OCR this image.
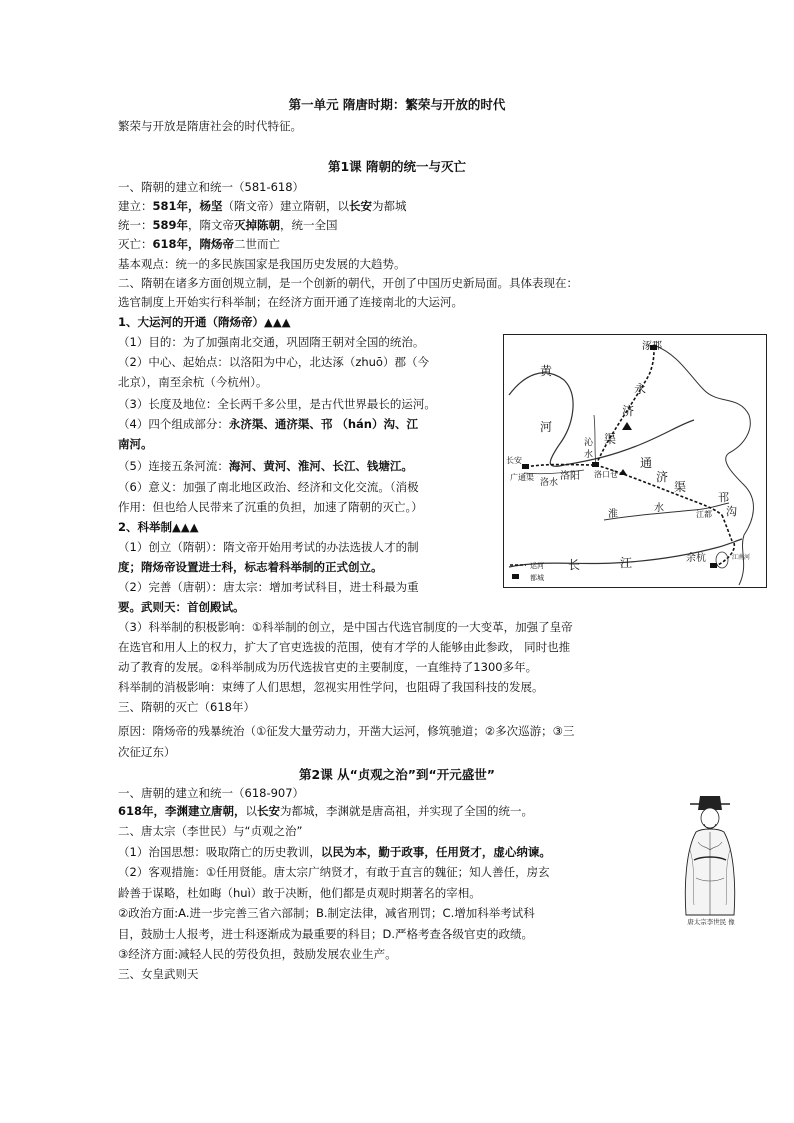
第一单元 隋唐时期：繁荣与开放的时代
繁荣与开放是隋唐社会的时代特征。
第1课 隋朝的统一与灭亡
一、隋朝的建立和统一（581-618）
建立：581年，杨坚（隋文帝）建立隋朝，以长安为都城
统一：589年，隋文帝灭掉陈朝，统一全国
灭亡：618年，隋炀帝二世而亡
基本观点：统一的多民族国家是我国历史发展的大趋势。
二、隋朝在诸多方面创规立制，是一个创新的朝代，开创了中国历史新局面。具体表现在：
选官制度上开始实行科举制；在经济方面开通了连接南北的大运河。
1、大运河的开通（隋炀帝）▲▲▲
（1）目的：为了加强南北交通，巩固隋王朝对全国的统治。
（2）中心、起始点：以洛阳为中心，北达涿（zhuō）郡（今
北京），南至余杭（今杭州）。
（3）长度及地位：全长两千多公里，是古代世界最长的运河。
（4）四个组成部分：永济渠、通济渠、邗 （hán）沟、江
南河。
（5）连接五条河流：海河、黄河、淮河、长江、钱塘江。
（6）意义：加强了南北地区政治、经济和文化交流。（消极
作用：但也给人民带来了沉重的负担，加速了隋朝的灭亡。）
2、科举制▲▲▲
（1）创立（隋朝）：隋文帝开始用考试的办法选拔人才的制
度；隋炀帝设置进士科，标志着科举制的正式创立。
（2）完善（唐朝）：唐太宗：增加考试科目，进士科最为重
要。武则天：首创殿试。
（3）科举制的积极影响：①科举制的创立，是中国古代选官制度的一大变革，加强了皇帝
在选官和用人上的权力，扩大了官吏选拔的范围，使有才学的人能够由此参政， 同时也推
动了教育的发展。②科举制成为历代选拔官吏的主要制度，一直维持了1300多年。
科举制的消极影响：束缚了人们思想，忽视实用性学问，也阻碍了我国科技的发展。
三、隋朝的灭亡（618年）
原因：隋炀帝的残暴统治（①征发大量劳动力，开凿大运河，修筑驰道；②多次巡游；③三
次征辽东）
涿郡
黄
河
永
济
渠
沁
水
长安
广通渠
洛水
洛阳 洛口仓
通
济
渠
淮
水
邗
沟
江都
江南河
余杭
长	江
运河
都城
第2课 从“贞观之治”到“开元盛世”
一、唐朝的建立和统一（618-907）
618年，李渊建立唐朝，以长安为都城，李渊就是唐高祖，并实现了全国的统一。
二、唐太宗（李世民）与“贞观之治”
（1）治国思想：吸取隋亡的历史教训，以民为本，勤于政事，任用贤才，虚心纳谏。
（2）客观措施：①任用贤能。唐太宗广纳贤才，有敢于直言的魏征；知人善任，房玄
龄善于谋略，杜如晦（huì）敢于决断，他们都是贞观时期著名的宰相。
②政治方面:A.进一步完善三省六部制；B.制定法律，减省刑罚；C.增加科举考试科
目，鼓励士人报考，进士科逐渐成为最重要的科目；D.严格考查各级官吏的政绩。
③经济方面:减轻人民的劳役负担，鼓励发展农业生产。
三、女皇武则天
唐太宗李世民 像
